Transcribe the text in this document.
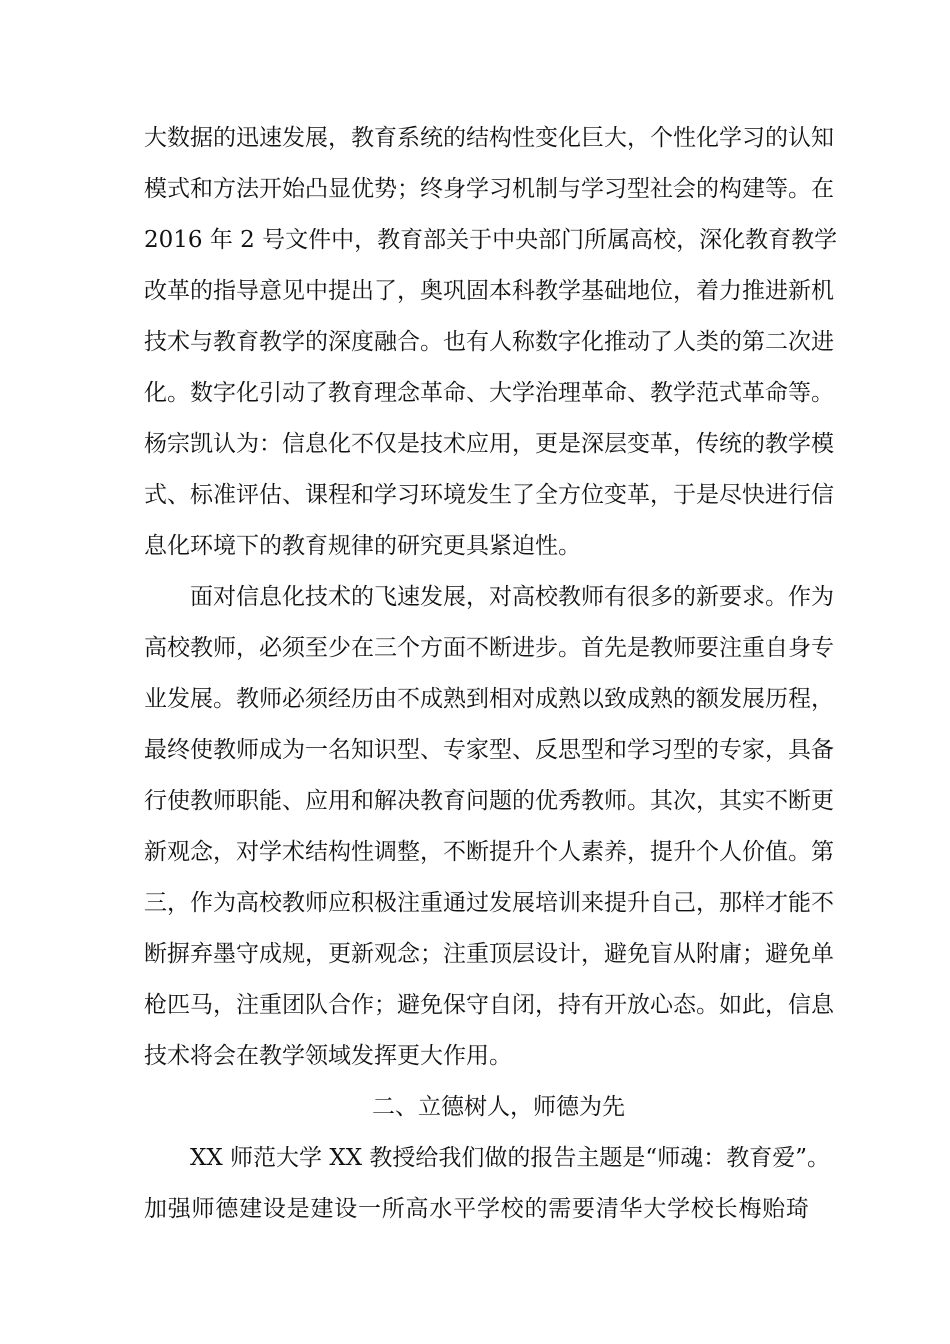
大数据的迅速发展，教育系统的结构性变化巨大，个性化学习的认知
模式和方法开始凸显优势；终身学习机制与学习型社会的构建等。在
2016 年 2 号文件中，教育部关于中央部门所属高校，深化教育教学
改革的指导意见中提出了，奥巩固本科教学基础地位，着力推进新机
技术与教育教学的深度融合。也有人称数字化推动了人类的第二次进
化。数字化引动了教育理念革命、大学治理革命、教学范式革命等。
杨宗凯认为：信息化不仅是技术应用，更是深层变革，传统的教学模
式、标准评估、课程和学习环境发生了全方位变革，于是尽快进行信
息化环境下的教育规律的研究更具紧迫性。
面对信息化技术的飞速发展，对高校教师有很多的新要求。作为
高校教师，必须至少在三个方面不断进步。首先是教师要注重自身专
业发展。教师必须经历由不成熟到相对成熟以致成熟的额发展历程，
最终使教师成为一名知识型、专家型、反思型和学习型的专家，具备
行使教师职能、应用和解决教育问题的优秀教师。其次，其实不断更
新观念，对学术结构性调整，不断提升个人素养，提升个人价值。第
三，作为高校教师应积极注重通过发展培训来提升自己，那样才能不
断摒弃墨守成规，更新观念；注重顶层设计，避免盲从附庸；避免单
枪匹马，注重团队合作；避免保守自闭，持有开放心态。如此，信息
技术将会在教学领域发挥更大作用。
二、立德树人，师德为先
XX 师范大学 XX 教授给我们做的报告主题是“师魂：教育爱”。
加强师德建设是建设一所高水平学校的需要清华大学校长梅贻琦
